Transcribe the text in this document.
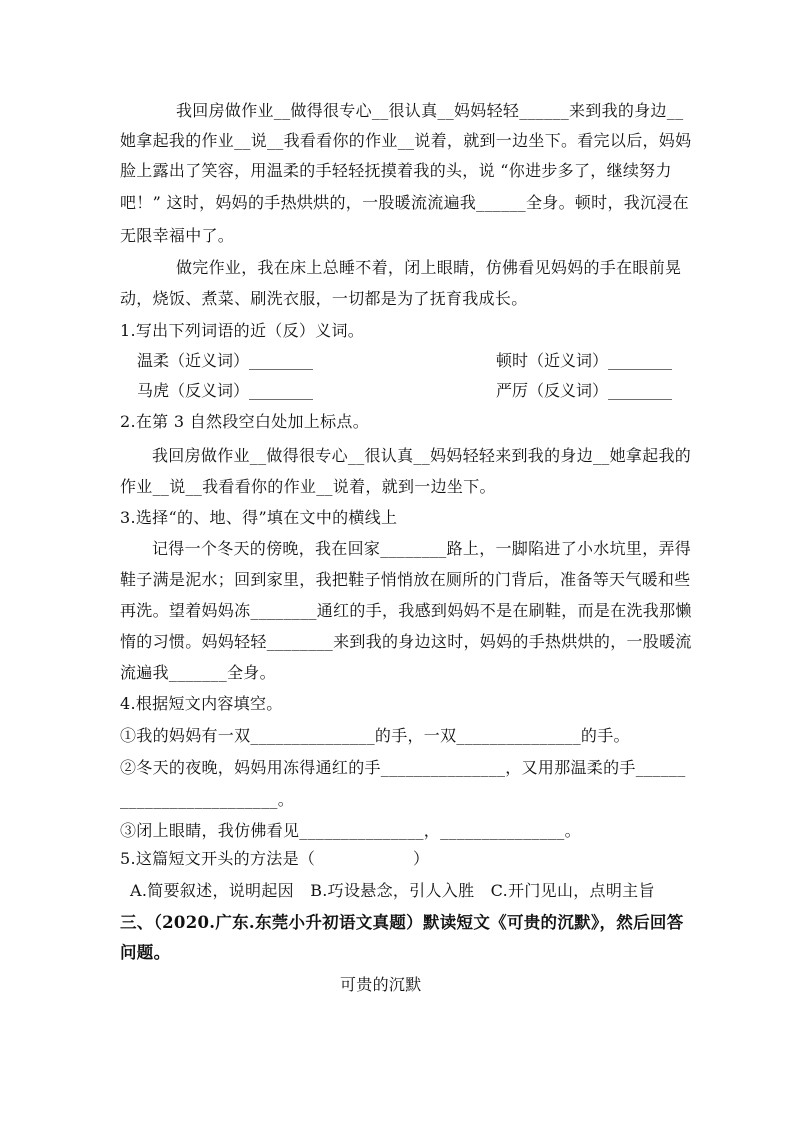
我回房做作业__做得很专心__很认真__妈妈轻轻______来到我的身边__
她拿起我的作业__说__我看看你的作业__说着，就到一边坐下。看完以后，妈妈
脸上露出了笑容，用温柔的手轻轻抚摸着我的头，说 “你进步多了，继续努力
吧！” 这时，妈妈的手热烘烘的，一股暖流流遍我______全身。顿时，我沉浸在
无限幸福中了。
做完作业，我在床上总睡不着，闭上眼睛，仿佛看见妈妈的手在眼前晃
动，烧饭、煮菜、刷洗衣服，一切都是为了抚育我成长。
1.写出下列词语的近（反）义词。
温柔（近义词）________	顿时（近义词）________
马虎（反义词）________	严厉（反义词）________
2.在第 3 自然段空白处加上标点。
我回房做作业__做得很专心__很认真__妈妈轻轻来到我的身边__她拿起我的
作业__说__我看看你的作业__说着，就到一边坐下。
3.选择“的、地、得”填在文中的横线上
记得一个冬天的傍晚，我在回家________路上，一脚陷进了小水坑里，弄得
鞋子满是泥水；回到家里，我把鞋子悄悄放在厕所的门背后，准备等天气暖和些
再洗。望着妈妈冻________通红的手，我感到妈妈不是在刷鞋，而是在洗我那懒
惰的习惯。妈妈轻轻________来到我的身边这时，妈妈的手热烘烘的，一股暖流
流遍我_______全身。
4.根据短文内容填空。
①我的妈妈有一双_______________的手，一双_______________的手。
②冬天的夜晚，妈妈用冻得通红的手_______________，又用那温柔的手______
___________________。
③闭上眼睛，我仿佛看见_______________，_______________。
5.这篇短文开头的方法是（　　　　　　）
A.简要叙述，说明起因　B.巧设悬念，引人入胜　C.开门见山，点明主旨
三、（2020.广东.东莞小升初语文真题）默读短文《可贵的沉默》，然后回答
问题。
可贵的沉默
